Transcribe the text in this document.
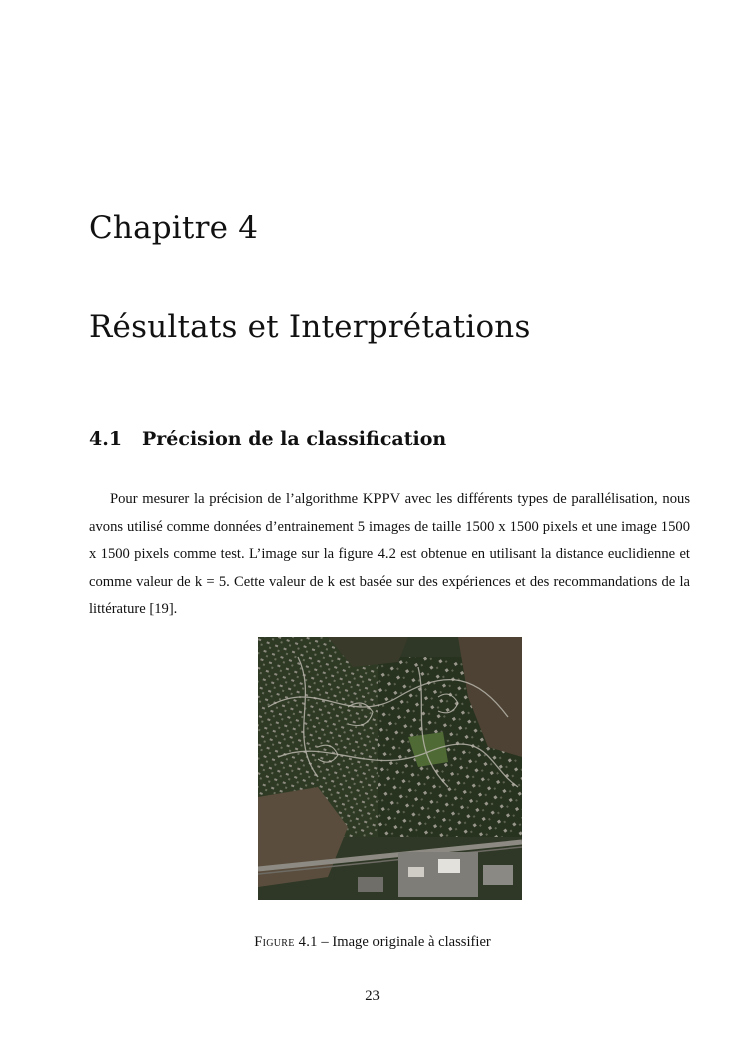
Chapitre 4
Résultats et Interprétations
4.1 Précision de la classification

Pour mesurer la précision de l’algorithme KPPV avec les différents types de parallélisation, nous avons utilisé comme données d’entrainement 5 images de taille 1500 x 1500 pixels et une image 1500 x 1500 pixels comme test. L’image sur la figure 4.2 est obtenue en utilisant la distance euclidienne et comme valeur de k = 5. Cette valeur de k est basée sur des expériences et des recommandations de la littérature [19].

Figure 4.1 – Image originale à classifier

23
